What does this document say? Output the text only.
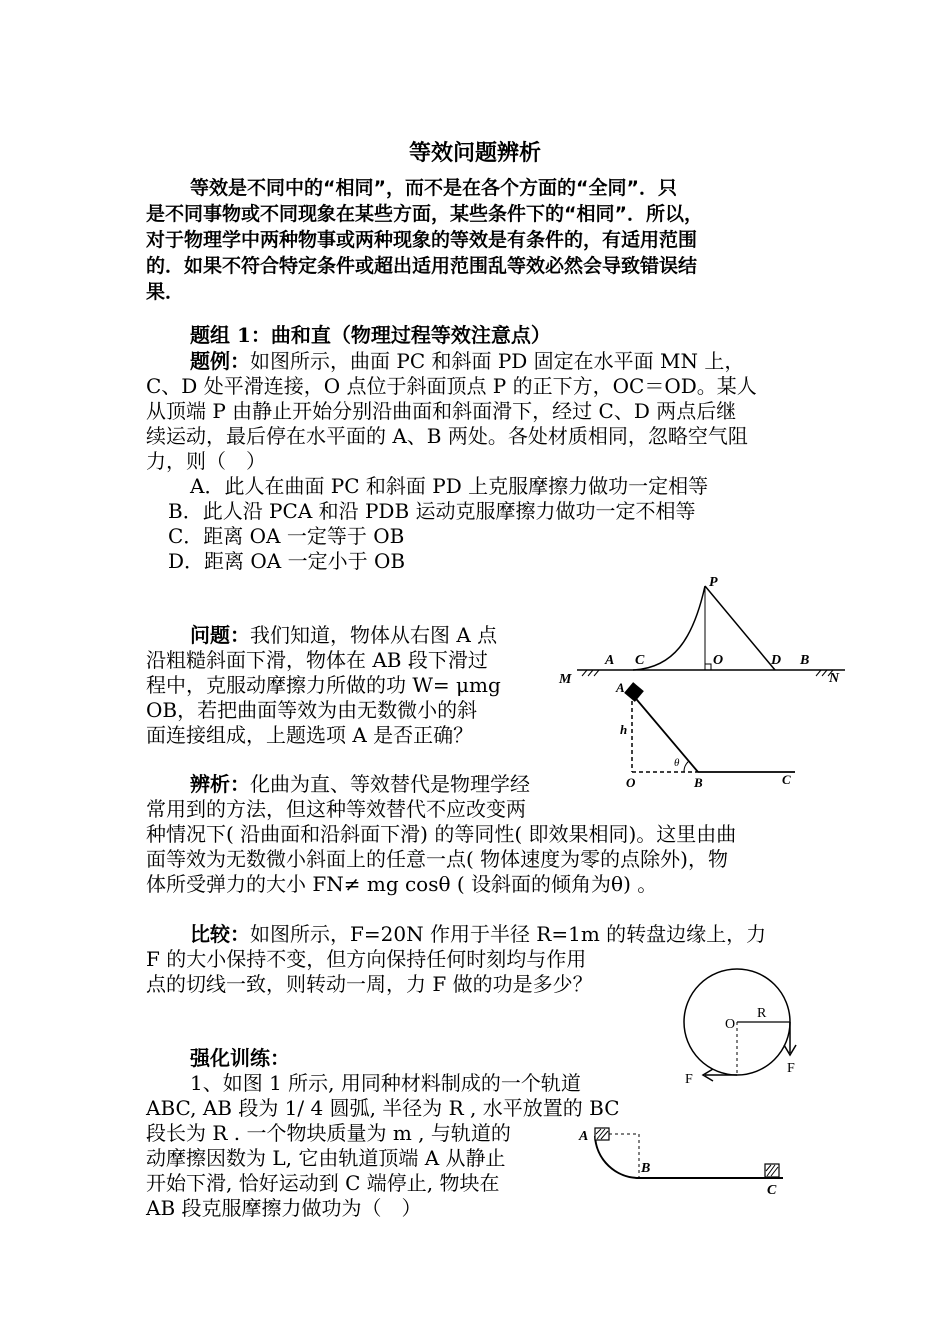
等效问题辨析
等效是不同中的“相同”，而不是在各个方面的“全同”．只
是不同事物或不同现象在某些方面，某些条件下的“相同”．所以，
对于物理学中两种物事或两种现象的等效是有条件的，有适用范围
的．如果不符合特定条件或超出适用范围乱等效必然会导致错误结
果．
题组 1：曲和直（物理过程等效注意点）
题例：如图所示，曲面 PC 和斜面 PD 固定在水平面 MN 上，
C、D 处平滑连接，O 点位于斜面顶点 P 的正下方，OC＝OD。某人
从顶端 P 由静止开始分别沿曲面和斜面滑下，经过 C、D 两点后继
续运动，最后停在水平面的 A、B 两处。各处材质相同，忽略空气阻
力，则（　）
A．此人在曲面 PC 和斜面 PD 上克服摩擦力做功一定相等
B．此人沿 PCA 和沿 PDB 运动克服摩擦力做功一定不相等
C．距离 OA 一定等于 OB
D．距离 OA 一定小于 OB
P
A C	O	D B
M	N
问题：我们知道，物体从右图 A 点
沿粗糙斜面下滑，物体在 AB 段下滑过
程中，克服动摩擦力所做的功 W= μmg
OB，若把曲面等效为由无数微小的斜
面连接组成，上题选项 A 是否正确？
A
h
θ
O	B	C
辨析：化曲为直、等效替代是物理学经
常用到的方法，但这种等效替代不应改变两
种情况下( 沿曲面和沿斜面下滑) 的等同性( 即效果相同)。这里由曲
面等效为无数微小斜面上的任意一点( 物体速度为零的点除外)，物
体所受弹力的大小 FN≠ mg cosθ ( 设斜面的倾角为θ) 。
比较：如图所示，F=20N 作用于半径 R=1m 的转盘边缘上，力
F 的大小保持不变，但方向保持任何时刻均与作用
点的切线一致，则转动一周，力 F 做的功是多少？
O
R
F
F
强化训练：
1、如图 1 所示, 用同种材料制成的一个轨道
ABC, AB 段为 1/ 4 圆弧, 半径为 R , 水平放置的 BC
段长为 R . 一个物块质量为 m , 与轨道的
动摩擦因数为 L, 它由轨道顶端 A 从静止
开始下滑, 恰好运动到 C 端停止, 物块在
AB 段克服摩擦力做功为（　）
A
B
C
